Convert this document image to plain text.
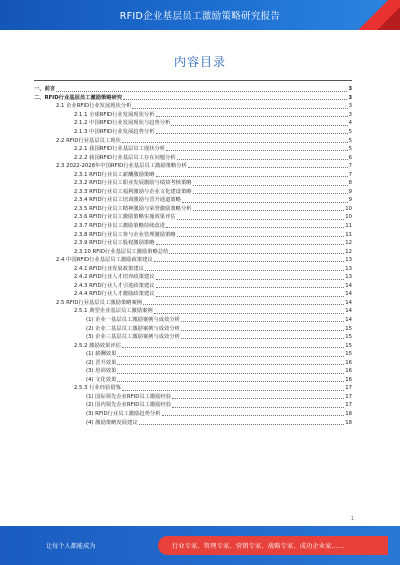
RFID企业基层员工激励策略研究报告
内容目录
一、前言	3
二、RFID行业基层员工激励策略研究	3
2.1 企业RFID行业发展现状分析	3
2.1.1 全球RFID行业发展现状分析	3
2.1.2 中国RFID行业发展现状与趋势分析	4
2.1.3 中国RFID行业发展趋势分析	5
2.2 RFID行业基层员工现状	5
2.2.1 我国RFID行业基层员工现状分析	5
2.2.2 我国RFID行业基层员工存在问题分析	6
2.3 2022-2028年中国RFID行业基层员工激励策略分析	7
2.3.1 RFID行业员工薪酬激励策略	7
2.3.2 RFID行业员工职业发展激励与绩效考核策略	8
2.3.3 RFID行业员工福利激励与企业文化建设策略	9
2.3.4 RFID行业员工培训激励与晋升通道策略	9
2.3.5 RFID行业员工精神激励与荣誉激励策略分析	10
2.3.6 RFID行业员工激励策略实施效果评估	10
2.3.7 RFID行业员工激励策略持续改进	11
2.3.8 RFID行业员工参与企业管理激励策略	11
2.3.9 RFID行业员工股权激励策略	12
2.3.10 RFID行业基层员工激励策略总结	12
2.4 中国RFID行业基层员工激励政策建议	13
2.4.1 RFID行业发展政策建议	13
2.4.2 RFID行业人才培养政策建议	13
2.4.3 RFID行业人才引进政策建议	14
2.4.4 RFID行业人才激励政策建议	14
2.5 RFID行业基层员工激励策略案例	14
2.5.1 典型企业基层员工激励案例	14
(1) 企业一基层员工激励案例与成效分析	14
(2) 企业二基层员工激励案例与成效分析	15
(3) 企业三基层员工激励案例与成效分析	15
2.5.2 激励效果评估	15
(1) 薪酬效果	15
(2) 晋升效果	16
(3) 培训效果	16
(4) 文化效果	16
2.5.3 行业经验借鉴	17
(1) 国际领先企业RFID员工激励经验	17
(2) 国内领先企业RFID员工激励经验	17
(3) RFID行业员工激励趋势分析	18
(4) 激励策略发展建议	18
1
让每个人都能成为	行业专家、管理专家、营销专家、战略专家、成功企业家……
